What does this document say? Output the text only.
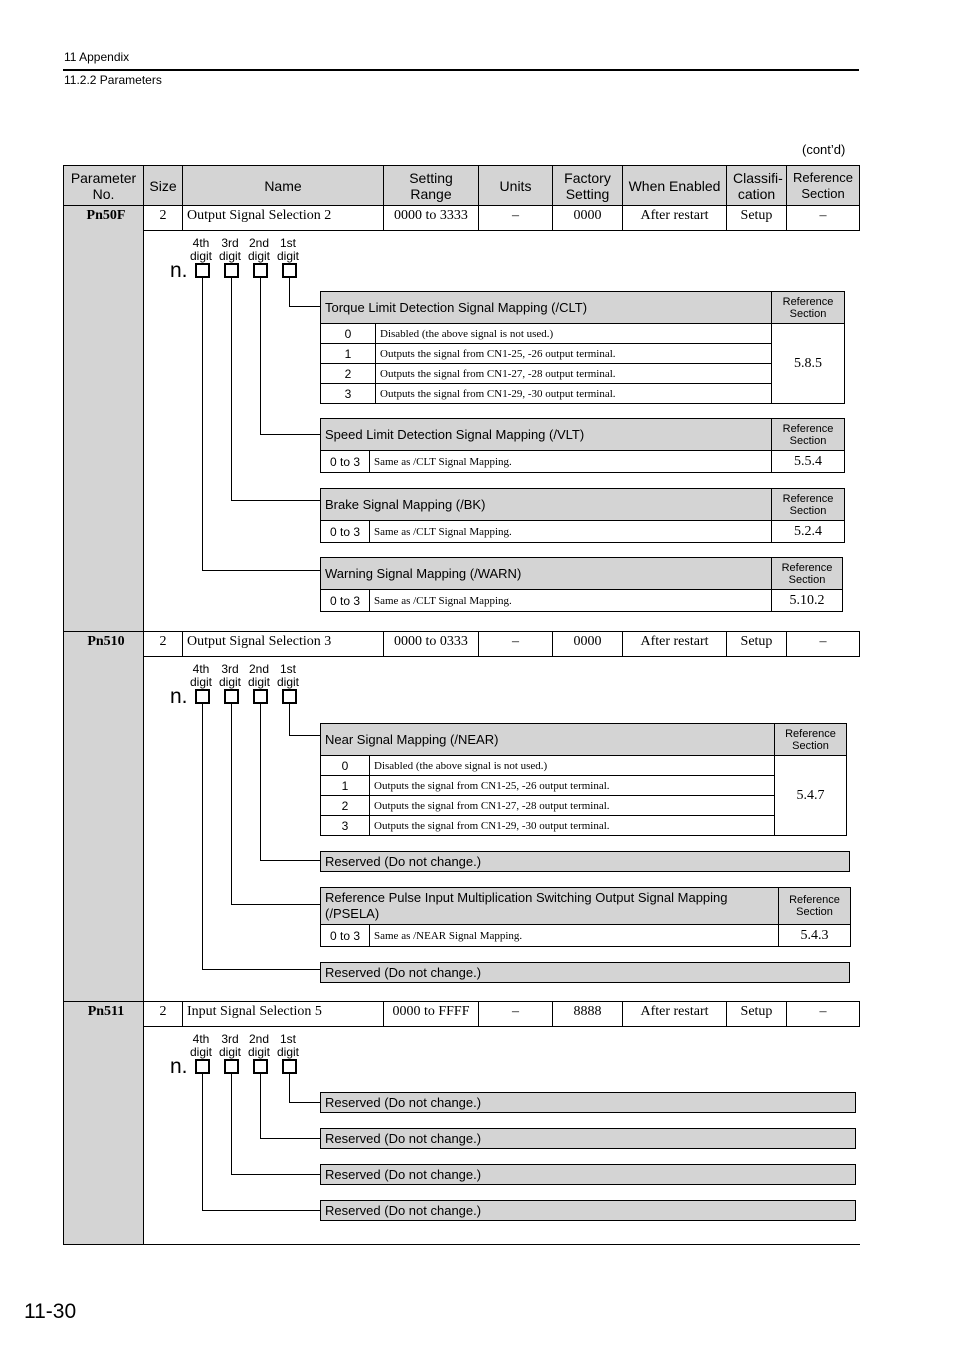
11 Appendix
11.2.2 Parameters
(cont’d)
Parameter No.	Size	Name	Setting Range	Units	Factory Setting	When Enabled	Classifi- cation	Reference Section
Pn50F	2	Output Signal Selection 2	0000 to 3333	–	0000	After restart	Setup	–

4th
digit
3rd
digit
2nd
digit
1st
digit
n.
Torque Limit Detection Signal Mapping (/CLT)	Reference Section
0	Disabled (the above signal is not used.)	5.8.5
1	Outputs the signal from CN1-25, -26 output terminal.
2	Outputs the signal from CN1-27, -28 output terminal.
3	Outputs the signal from CN1-29, -30 output terminal.
Speed Limit Detection Signal Mapping (/VLT)	Reference Section
0 to 3	Same as /CLT Signal Mapping.	5.5.4
Brake Signal Mapping (/BK)	Reference Section
0 to 3	Same as /CLT Signal Mapping.	5.2.4
Warning Signal Mapping (/WARN)	Reference Section
0 to 3	Same as /CLT Signal Mapping.	5.10.2

Pn510	2	Output Signal Selection 3	0000 to 0333	–	0000	After restart	Setup	–

4th
digit
3rd
digit
2nd
digit
1st
digit
n.
Near Signal Mapping (/NEAR)	Reference Section
0	Disabled (the above signal is not used.)	5.4.7
1	Outputs the signal from CN1-25, -26 output terminal.
2	Outputs the signal from CN1-27, -28 output terminal.
3	Outputs the signal from CN1-29, -30 output terminal.
Reserved (Do not change.)
Reference Pulse Input Multiplication Switching Output Signal Mapping (/PSELA)	Reference Section
0 to 3	Same as /NEAR Signal Mapping.	5.4.3
Reserved (Do not change.)

Pn511	2	Input Signal Selection 5	0000 to FFFF	–	8888	After restart	Setup	–

4th
digit
3rd
digit
2nd
digit
1st
digit
n.
Reserved (Do not change.)
Reserved (Do not change.)
Reserved (Do not change.)
Reserved (Do not change.)
11-30
